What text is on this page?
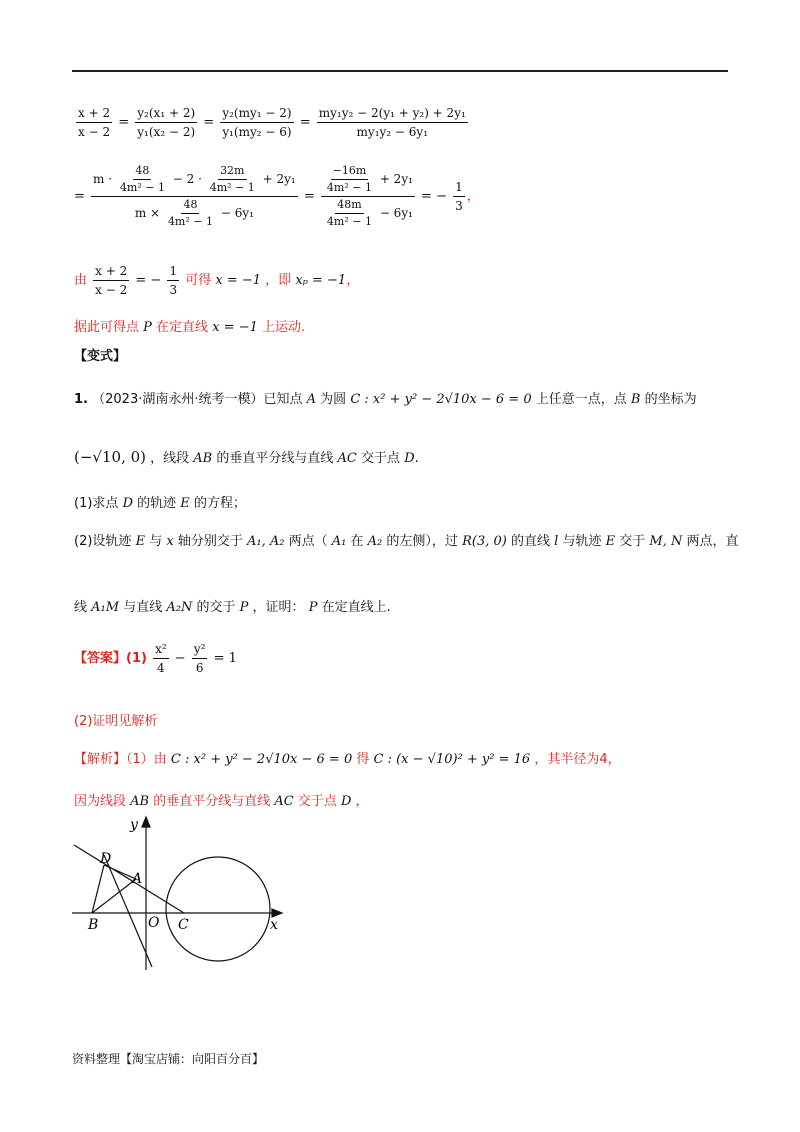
$\frac{x + 2}{x - 2} = \frac{\text{y₂(x₁ + 2)}}{\text{y₁(x₂ − 2)}} = \frac{\text{y₂(my₁ − 2)}}{\text{y₁(my₂ − 6)}} = \frac{\text{my₁y₂ − 2(y₁ + y₂) + 2y₁}}{\text{my₁y₂ − 6y₁}}$
= $\frac{m \cdot \frac{48}{\text{4m² − 1}} - 2 \cdot \frac{32m}{\text{4m² − 1}} + 2y_1}{m \times \frac{48}{\text{4m² − 1}} - 6y_1} = \frac{\frac{-16m}{\text{4m² − 1}} + 2y_1}{\frac{48m}{\text{4m² − 1}} - 6y_1}$ = − $\frac{1}{3}$ ，
由 $\frac{x + 2}{x - 2}$ = − $\frac{1}{3}$ 可得 x = −1 ，即 xₚ = −1，
据此可得点 P 在定直线 x = −1 上运动.
【变式】
1. （2023·湖南永州·统考一模）已知点 A 为圆 C : x² + y² − 2√10x − 6 = 0 上任意一点，点 B 的坐标为
(−√10, 0) ，线段 AB 的垂直平分线与直线 AC 交于点 D.
(1)求点 D 的轨迹 E 的方程；
(2)设轨迹 E 与 x 轴分别交于 A₁, A₂ 两点（ A₁ 在 A₂ 的左侧），过 R(3, 0) 的直线 l 与轨迹 E 交于 M, N 两点，直
线 A₁M 与直线 A₂N 的交于 P ，证明： P 在定直线上.
【答案】$(1) \frac{\text{x²}}{4} - \frac{\text{y²}}{6} = 1$
(2)证明见解析
【解析】（1）由 C : x² + y² − 2√10x − 6 = 0 得 C : (x − √10)² + y² = 16 ，其半径为4，
因为线段 AB 的垂直平分线与直线 AC 交于点 D ，
y
x
D
A
B	O C
资料整理【淘宝店铺：向阳百分百】
